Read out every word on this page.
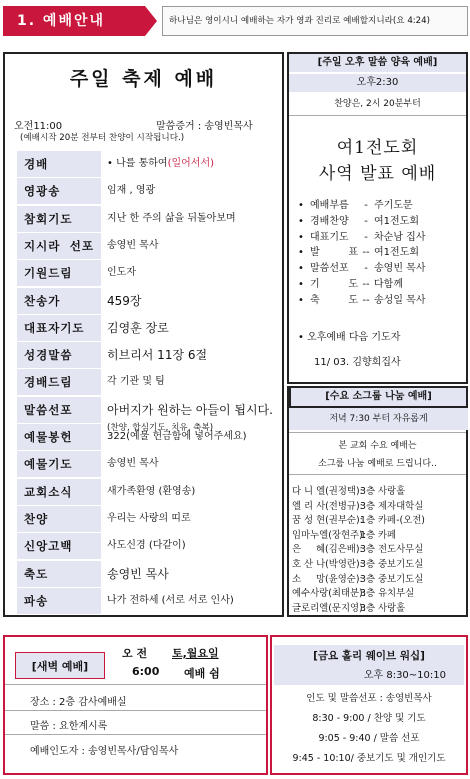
1. 예배안내	하나님은 영이시니 예배하는 자가 영과 진리로 예배할지니라(요 4:24)
주일 축제 예배
오전11:00	말씀증거 : 송영빈목사
(예배시작 20분 전부터 찬양이 시작됩니다.)
경배	• 나를 통하여(일어서서)
영광송	임재 , 영광
참회기도	지난 한 주의 삶을 뒤돌아보며
지시라 선포	송영빈 목사
기원드림	인도자
찬송가	459장
대표자기도	김영훈 장로
성경말씀	히브리서 11장 6절
경배드림	각 기관 및 팀
말씀선포	아버지가 원하는 아들이 됩시다.
예물봉헌	322(예물 헌금함에 넣어주세요)
예물기도	송영빈 목사
교회소식	새가족환영 (환영송)
찬양	우리는 사랑의 띠로
신앙고백	사도신경 (다같이)
축도	송영빈 목사
파송	나가 전하세 (서로 서로 인사)
(찬양, 합심기도, 치유, 축복)
[주일 오후 말씀 양육 예배]
오후2:30
찬양은, 2시 20분부터
여1전도회
사역 발표 예배
• 예배부름 - 주기도문
• 경배찬양 - 여1전도회
• 대표기도 - 차순남 집사
• 발 표 -- 여1전도회
• 말씀선포 - 송영빈 목사
• 기 도 -- 다함께
• 축 도 -- 송성일 목사
• 오후예배 다음 기도자
11/ 03. 김향희집사
[수요 소그룹 나눔 예배]
저녁 7:30 부터 자유롭게
본 교회 수요 예배는
소그룹 나눔 예배로 드립니다..
다 니 엘(권정택):3층 사랑홀
엘 리 사(전병규):3층 제자대학실
꿈 성 현(권부순):1층 카페-(오전)
임마누엘(장현주):1층 카페
은     혜(김은배):3층 전도사무실
호 산 나(박영란):3층 중보기도실
소     망(윤영순):3층 중보기도실
예수사랑(최태분):3층 유치부실
글로리엘(문지영):3층 사랑홀
[새벽 예배]
오 전 토,월요일
6:00 예배 쉼
장소 : 2층 감사예배실
말씀 : 요한계시록
예배인도자 : 송영빈목사/담임목사
[금요 홀리 웨이브 워십]
오후 8:30~10:10
인도 및 말씀선포 : 송영빈목사
8:30 - 9:00 / 찬양 및 기도
9:05 - 9:40 / 말씀 선포
9:45 - 10:10/ 중보기도 및 개인기도
